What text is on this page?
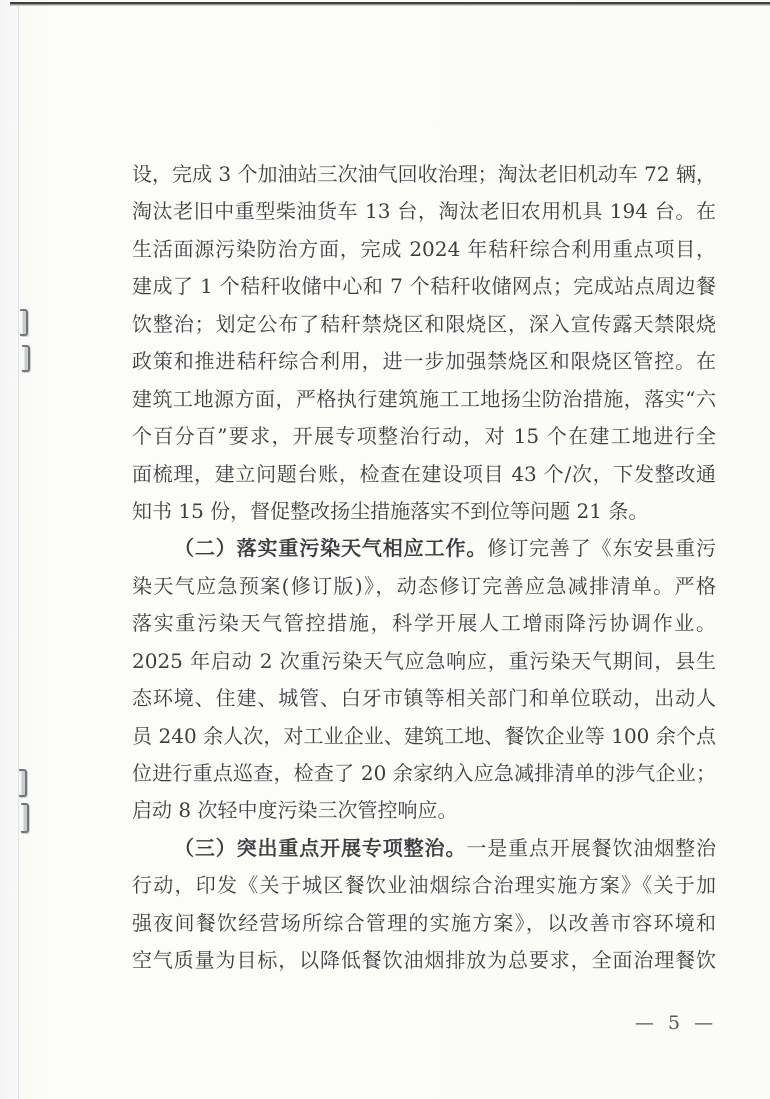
设，完成 3 个加油站三次油气回收治理；淘汰老旧机动车 72 辆，
淘汰老旧中重型柴油货车 13 台，淘汰老旧农用机具 194 台。在
生活面源污染防治方面，完成 2024 年秸秆综合利用重点项目，
建成了 1 个秸秆收储中心和 7 个秸秆收储网点；完成站点周边餐
饮整治；划定公布了秸秆禁烧区和限烧区，深入宣传露天禁限烧
政策和推进秸秆综合利用，进一步加强禁烧区和限烧区管控。在
建筑工地源方面，严格执行建筑施工工地扬尘防治措施，落实“六
个百分百”要求，开展专项整治行动，对 15 个在建工地进行全
面梳理，建立问题台账，检查在建设项目 43 个/次，下发整改通
知书 15 份，督促整改扬尘措施落实不到位等问题 21 条。
（二）落实重污染天气相应工作。修订完善了《东安县重污
染天气应急预案(修订版)》，动态修订完善应急减排清单。严格
落实重污染天气管控措施，科学开展人工增雨降污协调作业。
2025 年启动 2 次重污染天气应急响应，重污染天气期间，县生
态环境、住建、城管、白牙市镇等相关部门和单位联动，出动人
员 240 余人次，对工业企业、建筑工地、餐饮企业等 100 余个点
位进行重点巡查，检查了 20 余家纳入应急减排清单的涉气企业；
启动 8 次轻中度污染三次管控响应。
（三）突出重点开展专项整治。一是重点开展餐饮油烟整治
行动，印发《关于城区餐饮业油烟综合治理实施方案》《关于加
强夜间餐饮经营场所综合管理的实施方案》，以改善市容环境和
空气质量为目标，以降低餐饮油烟排放为总要求，全面治理餐饮
— 5 —
